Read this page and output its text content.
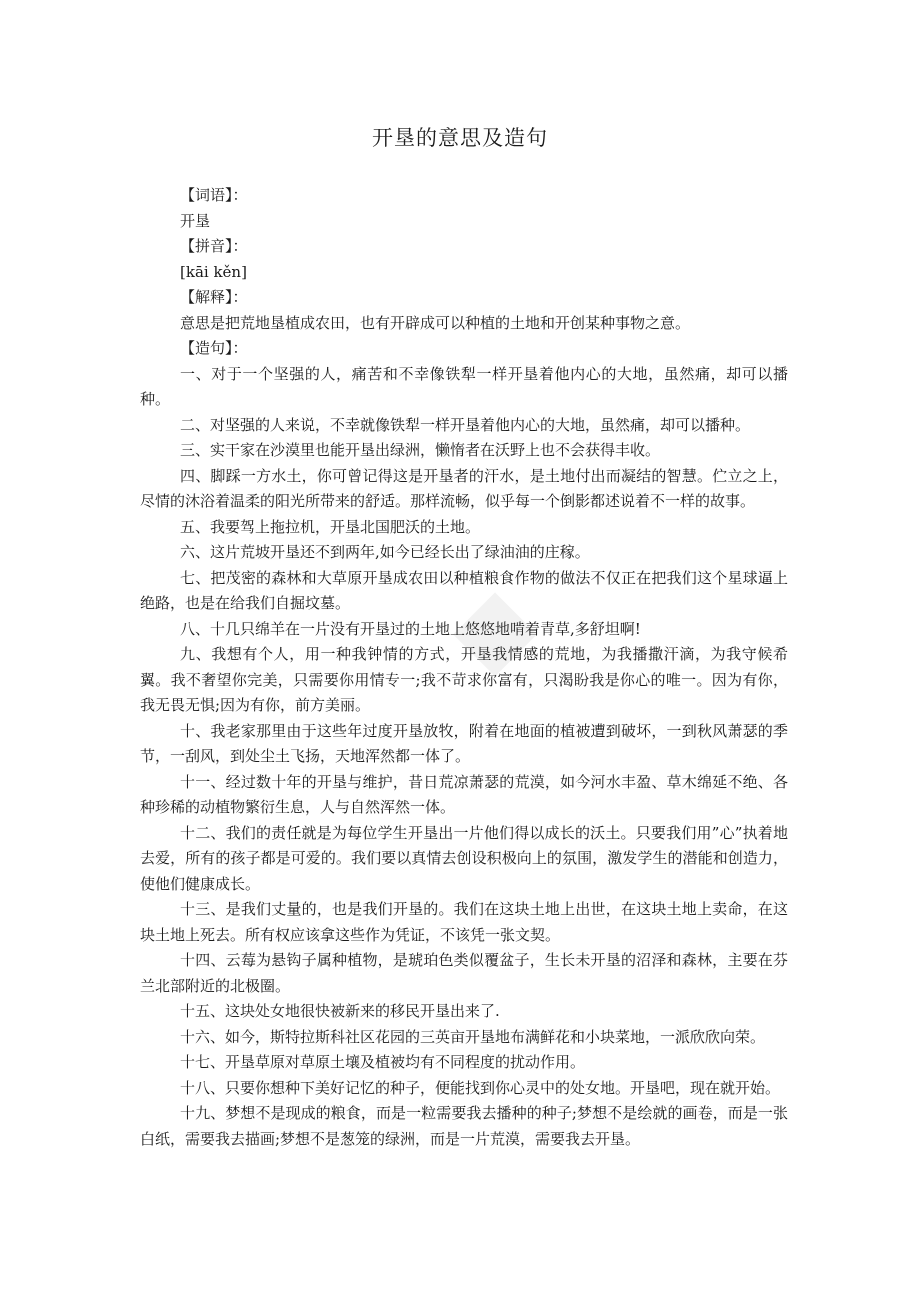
◆
开垦的意思及造句

【词语】：

开垦

【拼音】：

[kāi kěn]

【解释】：

意思是把荒地垦植成农田，也有开辟成可以种植的土地和开创某种事物之意。

【造句】：

一、对于一个坚强的人，痛苦和不幸像铁犁一样开垦着他内心的大地，虽然痛，却可以播种。

二、对坚强的人来说，不幸就像铁犁一样开垦着他内心的大地，虽然痛，却可以播种。

三、实干家在沙漠里也能开垦出绿洲，懒惰者在沃野上也不会获得丰收。

四、脚踩一方水土，你可曾记得这是开垦者的汗水，是土地付出而凝结的智慧。伫立之上，尽情的沐浴着温柔的阳光所带来的舒适。那样流畅，似乎每一个倒影都述说着不一样的故事。

五、我要驾上拖拉机，开垦北国肥沃的土地。

六、这片荒坡开垦还不到两年,如今已经长出了绿油油的庄稼。

七、把茂密的森林和大草原开垦成农田以种植粮食作物的做法不仅正在把我们这个星球逼上绝路，也是在给我们自掘坟墓。

八、十几只绵羊在一片没有开垦过的土地上悠悠地啃着青草,多舒坦啊!

九、我想有个人，用一种我钟情的方式，开垦我情感的荒地，为我播撒汗滴，为我守候希翼。我不奢望你完美，只需要你用情专一;我不苛求你富有，只渴盼我是你心的唯一。因为有你，我无畏无惧;因为有你，前方美丽。

十、我老家那里由于这些年过度开垦放牧，附着在地面的植被遭到破坏，一到秋风萧瑟的季节，一刮风，到处尘土飞扬，天地浑然都一体了。

十一、经过数十年的开垦与维护，昔日荒凉萧瑟的荒漠，如今河水丰盈、草木绵延不绝、各种珍稀的动植物繁衍生息，人与自然浑然一体。

十二、我们的责任就是为每位学生开垦出一片他们得以成长的沃土。只要我们用”心”执着地去爱，所有的孩子都是可爱的。我们要以真情去创设积极向上的氛围，激发学生的潜能和创造力，使他们健康成长。

十三、是我们丈量的，也是我们开垦的。我们在这块土地上出世，在这块土地上卖命，在这块土地上死去。所有权应该拿这些作为凭证，不该凭一张文契。

十四、云莓为悬钩子属种植物，是琥珀色类似覆盆子，生长未开垦的沼泽和森林，主要在芬兰北部附近的北极圈。

十五、这块处女地很快被新来的移民开垦出来了.

十六、如今，斯特拉斯科社区花园的三英亩开垦地布满鲜花和小块菜地，一派欣欣向荣。

十七、开垦草原对草原土壤及植被均有不同程度的扰动作用。

十八、只要你想种下美好记忆的种子，便能找到你心灵中的处女地。开垦吧，现在就开始。

十九、梦想不是现成的粮食，而是一粒需要我去播种的种子;梦想不是绘就的画卷，而是一张白纸，需要我去描画;梦想不是葱笼的绿洲，而是一片荒漠，需要我去开垦。
